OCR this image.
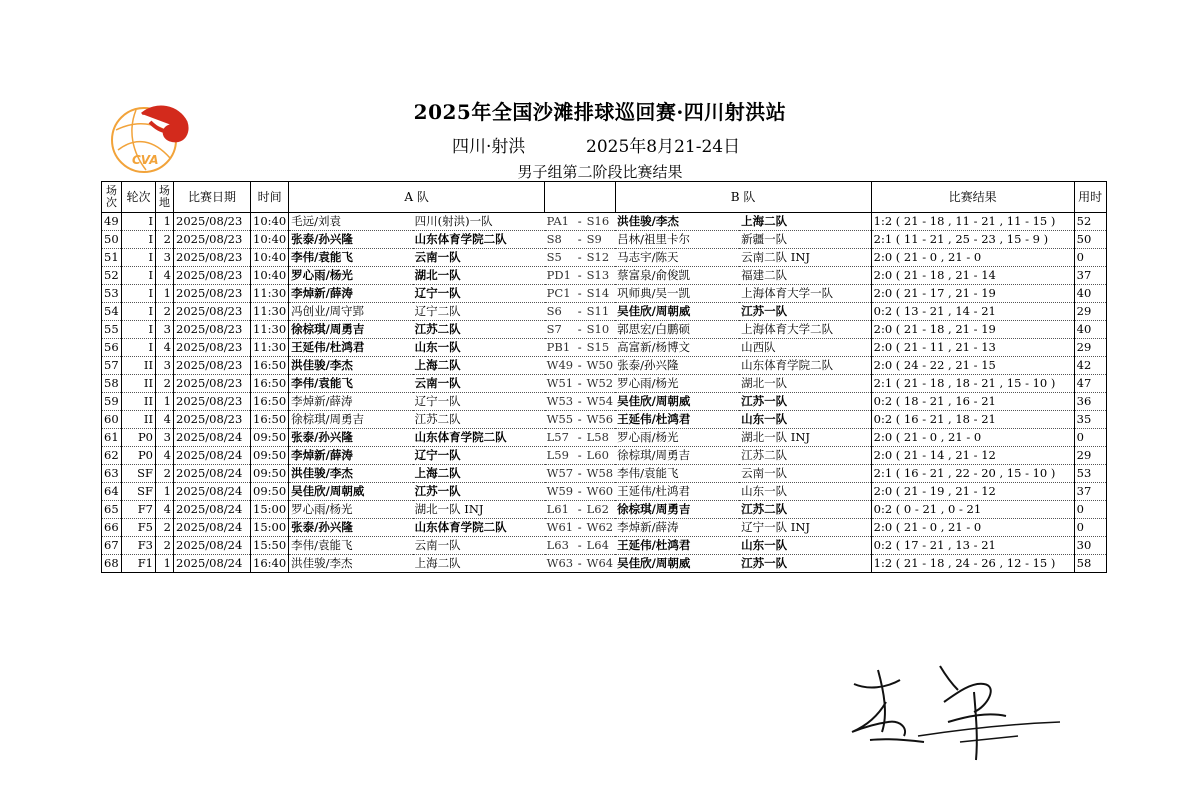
CVA
2025年全国沙滩排球巡回赛·四川射洪站
四川·射洪	2025年8月21-24日
男子组第二阶段比赛结果
场次	轮次	场地	比赛日期	时间	A 队			B 队		比赛结果	用时
49	I	1	2025/08/23	10:40	毛远/刘袁	四川(射洪)一队	PA1 - S16	洪佳骏/李杰	上海二队	1:2 ( 21 - 18 , 11 - 21 , 11 - 15 )	52
50	I	2	2025/08/23	10:40	张泰/孙兴隆	山东体育学院二队	S8 - S9	吕林/祖里卡尔	新疆一队	2:1 ( 11 - 21 , 25 - 23 , 15 - 9 )	50
51	I	3	2025/08/23	10:40	李伟/袁能飞	云南一队	S5 - S12	马志宇/陈天	云南二队 INJ	2:0 ( 21 - 0 , 21 - 0	0
52	I	4	2025/08/23	10:40	罗心雨/杨光	湖北一队	PD1 - S13	蔡富泉/俞俊凯	福建二队	2:0 ( 21 - 18 , 21 - 14	37
53	I	1	2025/08/23	11:30	李焯新/薛涛	辽宁一队	PC1 - S14	巩师典/吴一凯	上海体育大学一队	2:0 ( 21 - 17 , 21 - 19	40
54	I	2	2025/08/23	11:30	冯创业/周守郢	辽宁二队	S6 - S11	吴佳欣/周朝威	江苏一队	0:2 ( 13 - 21 , 14 - 21	29
55	I	3	2025/08/23	11:30	徐棕琪/周勇吉	江苏二队	S7 - S10	郭思宏/白鹏硕	上海体育大学二队	2:0 ( 21 - 18 , 21 - 19	40
56	I	4	2025/08/23	11:30	王延伟/杜鸿君	山东一队	PB1 - S15	高富新/杨博文	山西队	2:0 ( 21 - 11 , 21 - 13	29
57	II	3	2025/08/23	16:50	洪佳骏/李杰	上海二队	W49 - W50	张泰/孙兴隆	山东体育学院二队	2:0 ( 24 - 22 , 21 - 15	42
58	II	2	2025/08/23	16:50	李伟/袁能飞	云南一队	W51 - W52	罗心雨/杨光	湖北一队	2:1 ( 21 - 18 , 18 - 21 , 15 - 10 )	47
59	II	1	2025/08/23	16:50	李焯新/薛涛	辽宁一队	W53 - W54	吴佳欣/周朝威	江苏一队	0:2 ( 18 - 21 , 16 - 21	36
60	II	4	2025/08/23	16:50	徐棕琪/周勇吉	江苏二队	W55 - W56	王延伟/杜鸿君	山东一队	0:2 ( 16 - 21 , 18 - 21	35
61	P0	3	2025/08/24	09:50	张泰/孙兴隆	山东体育学院二队	L57 - L58	罗心雨/杨光	湖北一队 INJ	2:0 ( 21 - 0 , 21 - 0	0
62	P0	4	2025/08/24	09:50	李焯新/薛涛	辽宁一队	L59 - L60	徐棕琪/周勇吉	江苏二队	2:0 ( 21 - 14 , 21 - 12	29
63	SF	2	2025/08/24	09:50	洪佳骏/李杰	上海二队	W57 - W58	李伟/袁能飞	云南一队	2:1 ( 16 - 21 , 22 - 20 , 15 - 10 )	53
64	SF	1	2025/08/24	09:50	吴佳欣/周朝威	江苏一队	W59 - W60	王延伟/杜鸿君	山东一队	2:0 ( 21 - 19 , 21 - 12	37
65	F7	4	2025/08/24	15:00	罗心雨/杨光	湖北一队 INJ	L61 - L62	徐棕琪/周勇吉	江苏二队	0:2 ( 0 - 21 , 0 - 21	0
66	F5	2	2025/08/24	15:00	张泰/孙兴隆	山东体育学院二队	W61 - W62	李焯新/薛涛	辽宁一队 INJ	2:0 ( 21 - 0 , 21 - 0	0
67	F3	2	2025/08/24	15:50	李伟/袁能飞	云南一队	L63 - L64	王延伟/杜鸿君	山东一队	0:2 ( 17 - 21 , 13 - 21	30
68	F1	1	2025/08/24	16:40	洪佳骏/李杰	上海二队	W63 - W64	吴佳欣/周朝威	江苏一队	1:2 ( 21 - 18 , 24 - 26 , 12 - 15 )	58
